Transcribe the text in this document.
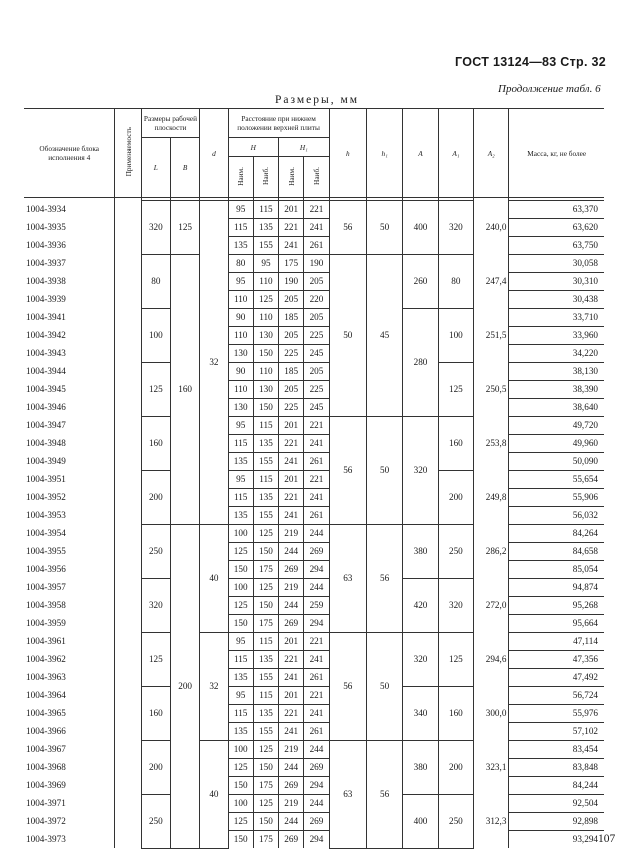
ГОСТ 13124—83 Стр. 32
Продолжение табл. 6
Размеры, мм
Обозначение блока исполнения 4	Применяемость	Размеры рабочей плоскости		d	Расстояние при нижнем положении верхней плиты				h	h₁	A	A₁	A₂	Масса, кг, не более
		L	B		H		H₁							
					Наим.	Наиб.	Наим.	Наиб.						

1004-3934		320	125	32	95	115	201	221	56	50	400	320	240,0	63,370
1004-3935					115	135	221	241						63,620
1004-3936					135	155	241	261						63,750
1004-3937		80	160		80	95	175	190	50	45	260	80	247,4	30,058
1004-3938					95	110	190	205						30,310
1004-3939					110	125	205	220						30,438
1004-3941		100			90	110	185	205			280	100	251,5	33,710
1004-3942					110	130	205	225						33,960
1004-3943					130	150	225	245						34,220
1004-3944		125			90	110	185	205				125	250,5	38,130
1004-3945					110	130	205	225						38,390
1004-3946					130	150	225	245						38,640
1004-3947		160			95	115	201	221	56	50	320	160	253,8	49,720
1004-3948					115	135	221	241						49,960
1004-3949					135	155	241	261						50,090
1004-3951		200			95	115	201	221				200	249,8	55,654
1004-3952					115	135	221	241						55,906
1004-3953					135	155	241	261						56,032
1004-3954		250	200	40	100	125	219	244	63	56	380	250	286,2	84,264
1004-3955					125	150	244	269						84,658
1004-3956					150	175	269	294						85,054
1004-3957		320			100	125	219	244			420	320	272,0	94,874
1004-3958					125	150	244	259						95,268
1004-3959					150	175	269	294						95,664
1004-3961		125		32	95	115	201	221	56	50	320	125	294,6	47,114
1004-3962					115	135	221	241						47,356
1004-3963					135	155	241	261						47,492
1004-3964		160			95	115	201	221			340	160	300,0	56,724
1004-3965					115	135	221	241						55,976
1004-3966					135	155	241	261						57,102
1004-3967		200		40	100	125	219	244	63	56	380	200	323,1	83,454
1004-3968					125	150	244	269						83,848
1004-3969					150	175	269	294						84,244
1004-3971		250			100	125	219	244			400	250	312,3	92,504
1004-3972					125	150	244	269						92,898
1004-3973					150	175	269	294						93,294 107
